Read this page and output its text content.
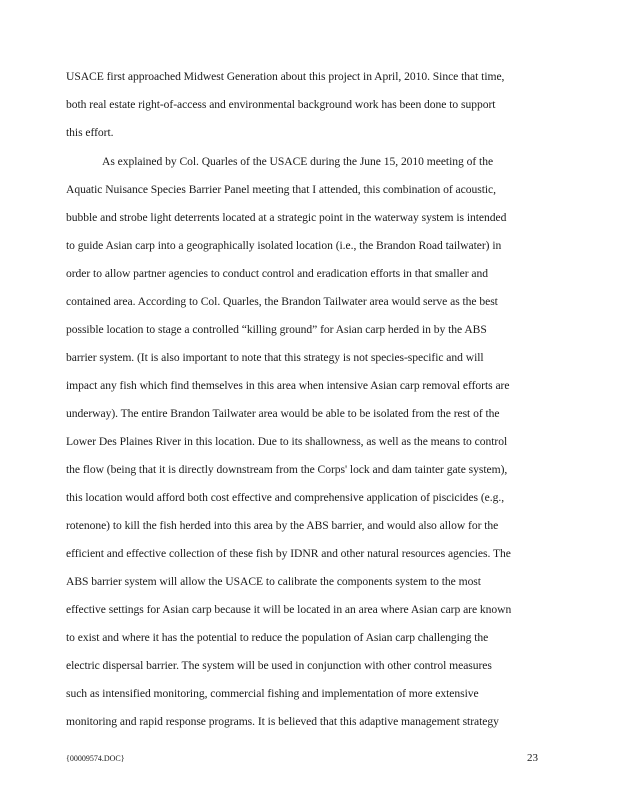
USACE first approached Midwest Generation about this project in April, 2010. Since that time,
both real estate right-of-access and environmental background work has been done to support
this effort.
As explained by Col. Quarles of the USACE during the June 15, 2010 meeting of the
Aquatic Nuisance Species Barrier Panel meeting that I attended, this combination of acoustic,
bubble and strobe light deterrents located at a strategic point in the waterway system is intended
to guide Asian carp into a geographically isolated location (i.e., the Brandon Road tailwater) in
order to allow partner agencies to conduct control and eradication efforts in that smaller and
contained area. According to Col. Quarles, the Brandon Tailwater area would serve as the best
possible location to stage a controlled “killing ground” for Asian carp herded in by the ABS
barrier system. (It is also important to note that this strategy is not species-specific and will
impact any fish which find themselves in this area when intensive Asian carp removal efforts are
underway). The entire Brandon Tailwater area would be able to be isolated from the rest of the
Lower Des Plaines River in this location. Due to its shallowness, as well as the means to control
the flow (being that it is directly downstream from the Corps' lock and dam tainter gate system),
this location would afford both cost effective and comprehensive application of piscicides (e.g.,
rotenone) to kill the fish herded into this area by the ABS barrier, and would also allow for the
efficient and effective collection of these fish by IDNR and other natural resources agencies. The
ABS barrier system will allow the USACE to calibrate the components system to the most
effective settings for Asian carp because it will be located in an area where Asian carp are known
to exist and where it has the potential to reduce the population of Asian carp challenging the
electric dispersal barrier. The system will be used in conjunction with other control measures
such as intensified monitoring, commercial fishing and implementation of more extensive
monitoring and rapid response programs. It is believed that this adaptive management strategy
{00009574.DOC}	23
